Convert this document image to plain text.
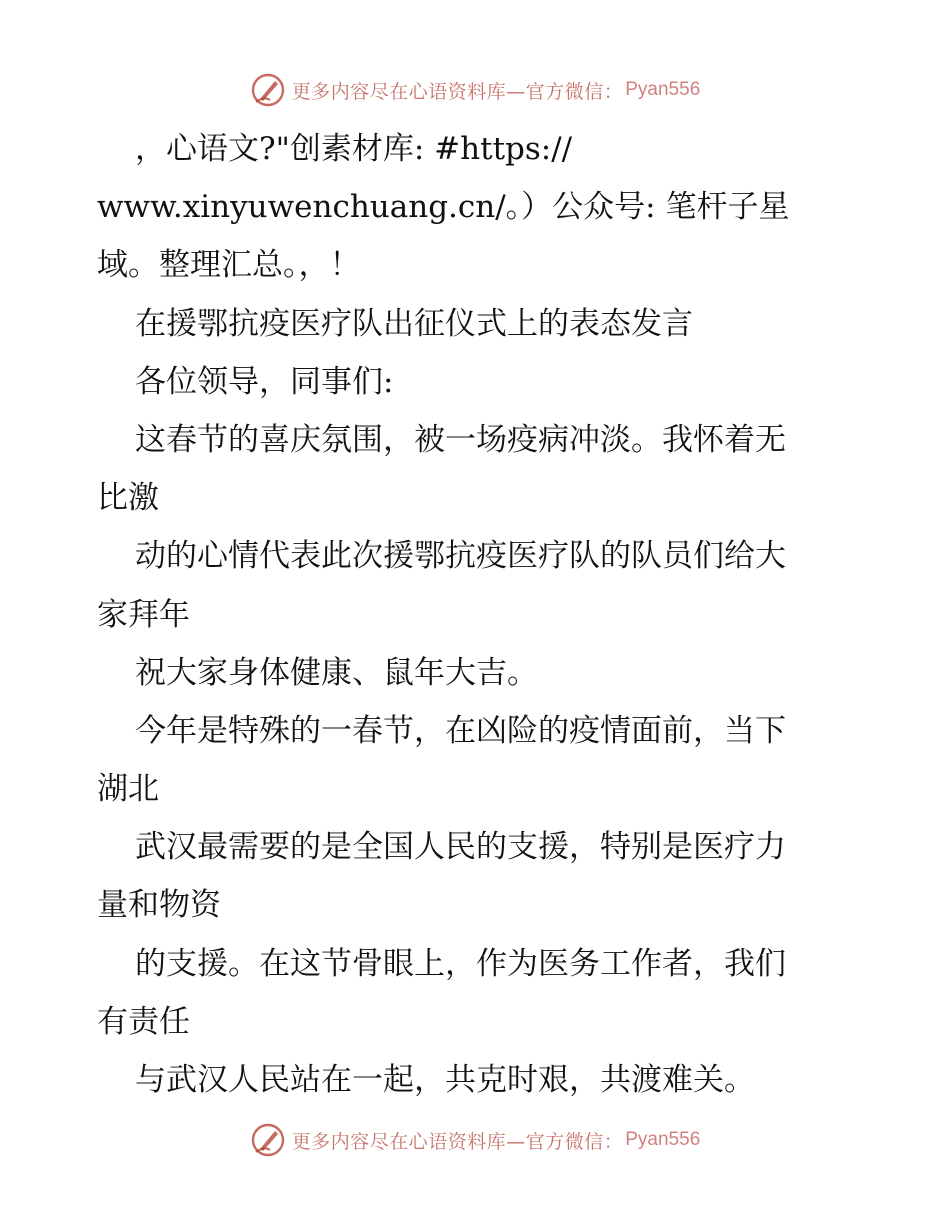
更多内容尽在心语资料库—官方微信： Pyan556
，心语文?"创素材库: #https://
www.xinyuwenchuang.cn/。）公众号: 笔杆子星
域。整理汇总。，！
在援鄂抗疫医疗队出征仪式上的表态发言
各位领导，同事们:
这春节的喜庆氛围，被一场疫病冲淡。我怀着无
比激
动的心情代表此次援鄂抗疫医疗队的队员们给大
家拜年
祝大家身体健康、鼠年大吉。
今年是特殊的一春节，在凶险的疫情面前，当下
湖北
武汉最需要的是全国人民的支援，特别是医疗力
量和物资
的支援。在这节骨眼上，作为医务工作者，我们
有责任
与武汉人民站在一起，共克时艰，共渡难关。
更多内容尽在心语资料库—官方微信： Pyan556
